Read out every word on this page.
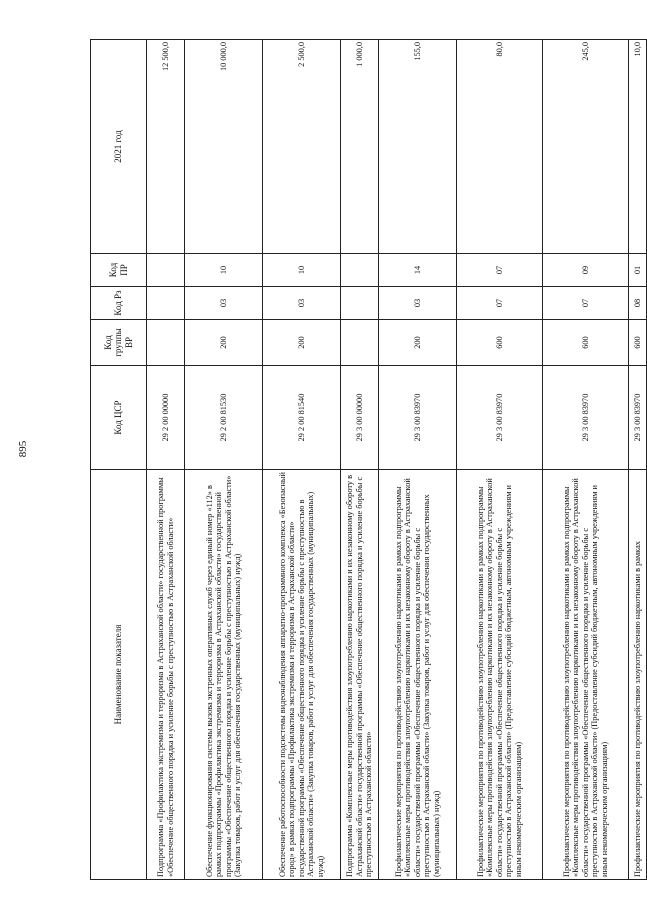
895
Наименование показателя	Код ЦСР	Код группы ВР	Код Рз	Код ПР	2021 год
Подпрограмма «Профилактика экстремизма и терроризма в Астраханской области» государственной программы «Обеспечение общественного порядка и усиление борьбы с преступностью в Астраханской области»	29 2 00 00000				12 500,0
Обеспечение функционирования системы вызова экстренных оперативных служб через единый номер «112» в рамках подпрограммы «Профилактика экстремизма и терроризма в Астраханской области» государственной программы «Обеспечение общественного порядка и усиление борьбы с преступностью в Астраханской области» (Закупка товаров, работ и услуг для обеспечения государственных (муниципальных) нужд)	29 2 00 81530	200	03	10	10 000,0
Обеспечение работоспособности подсистемы видеонаблюдения аппаратно-программного комплекса «Безопасный город» в рамках подпрограммы «Профилактика экстремизма и терроризма в Астраханской области» государственной программы «Обеспечение общественного порядка и усиление борьбы с преступностью в Астраханской области» (Закупка товаров, работ и услуг для обеспечения государственных (муниципальных) нужд)	29 2 00 81540	200	03	10	2 500,0
Подпрограмма «Комплексные меры противодействия злоупотреблению наркотиками и их незаконному обороту в Астраханской области» государственной программы «Обеспечение общественного порядка и усиление борьбы с преступностью в Астраханской области»	29 3 00 00000				1 000,0
Профилактические мероприятия по противодействию злоупотреблению наркотиками в рамках подпрограммы «Комплексные меры противодействия злоупотреблению наркотиками и их незаконному обороту в Астраханской области» государственной программы «Обеспечение общественного порядка и усиление борьбы с преступностью в Астраханской области» (Закупка товаров, работ и услуг для обеспечения государственных (муниципальных) нужд)	29 3 00 83970	200	03	14	155,0
Профилактические мероприятия по противодействию злоупотреблению наркотиками в рамках подпрограммы «Комплексные меры противодействия злоупотреблению наркотиками и их незаконному обороту в Астраханской области» государственной программы «Обеспечение общественного порядка и усиление борьбы с преступностью в Астраханской области» (Предоставление субсидий бюджетным, автономным учреждениям и иным некоммерческим организациям)	29 3 00 83970	600	07	07	80,0
Профилактические мероприятия по противодействию злоупотреблению наркотиками в рамках подпрограммы «Комплексные меры противодействия злоупотреблению наркотиками и их незаконному обороту в Астраханской области» государственной программы «Обеспечение общественного порядка и усиление борьбы с преступностью в Астраханской области» (Предоставление субсидий бюджетным, автономным учреждениям и иным некоммерческим организациям)	29 3 00 83970	600	07	09	245,0
Профилактические мероприятия по противодействию злоупотреблению наркотиками в рамках	29 3 00 83970	600	08	01	10,0
